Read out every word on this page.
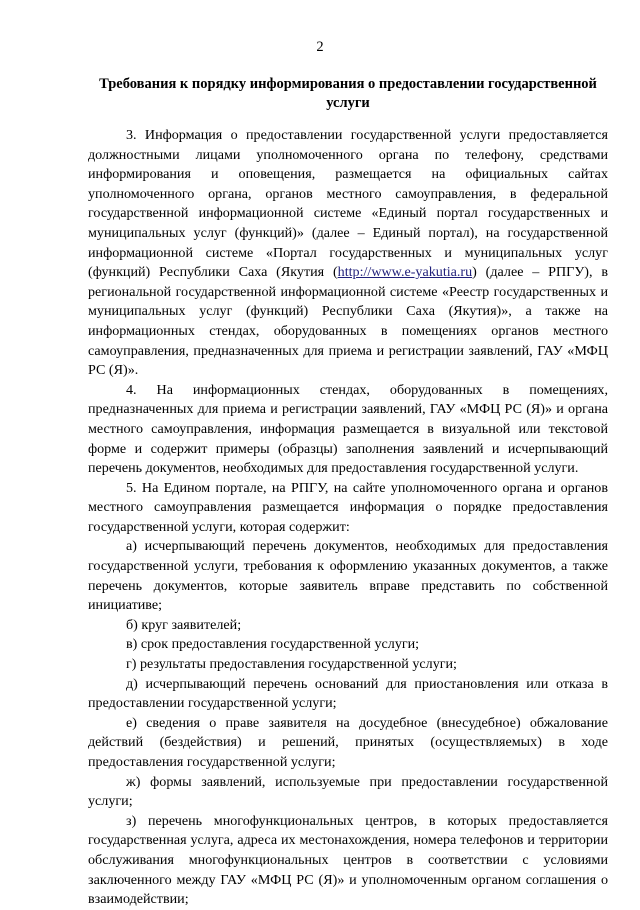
2
Требования к порядку информирования о предоставлении государственной услуги

3. Информация о предоставлении государственной услуги предоставляется должностными лицами уполномоченного органа по телефону, средствами информирования и оповещения, размещается на официальных сайтах уполномоченного органа, органов местного самоуправления, в федеральной государственной информационной системе «Единый портал государственных и муниципальных услуг (функций)» (далее – Единый портал), на государственной информационной системе «Портал государственных и муниципальных услуг (функций) Республики Саха (Якутия (http://www.e-yakutia.ru) (далее – РПГУ), в региональной государственной информационной системе «Реестр государственных и муниципальных услуг (функций) Республики Саха (Якутия)», а также на информационных стендах, оборудованных в помещениях органов местного самоуправления, предназначенных для приема и регистрации заявлений, ГАУ «МФЦ РС (Я)».

4. На информационных стендах, оборудованных в помещениях, предназначенных для приема и регистрации заявлений, ГАУ «МФЦ РС (Я)» и органа местного самоуправления, информация размещается в визуальной или текстовой форме и содержит примеры (образцы) заполнения заявлений и исчерпывающий перечень документов, необходимых для предоставления государственной услуги.

5. На Едином портале, на РПГУ, на сайте уполномоченного органа и органов местного самоуправления размещается информация о порядке предоставления государственной услуги, которая содержит:

а) исчерпывающий перечень документов, необходимых для предоставления государственной услуги, требования к оформлению указанных документов, а также перечень документов, которые заявитель вправе представить по собственной инициативе;

б) круг заявителей;

в) срок предоставления государственной услуги;

г) результаты предоставления государственной услуги;

д) исчерпывающий перечень оснований для приостановления или отказа в предоставлении государственной услуги;

е) сведения о праве заявителя на досудебное (внесудебное) обжалование действий (бездействия) и решений, принятых (осуществляемых) в ходе предоставления государственной услуги;

ж) формы заявлений, используемые при предоставлении государственной услуги;

з) перечень многофункциональных центров, в которых предоставляется государственная услуга, адреса их местонахождения, номера телефонов и территории обслуживания многофункциональных центров в соответствии с условиями заключенного между ГАУ «МФЦ РС (Я)» и уполномоченным органом соглашения о взаимодействии;
